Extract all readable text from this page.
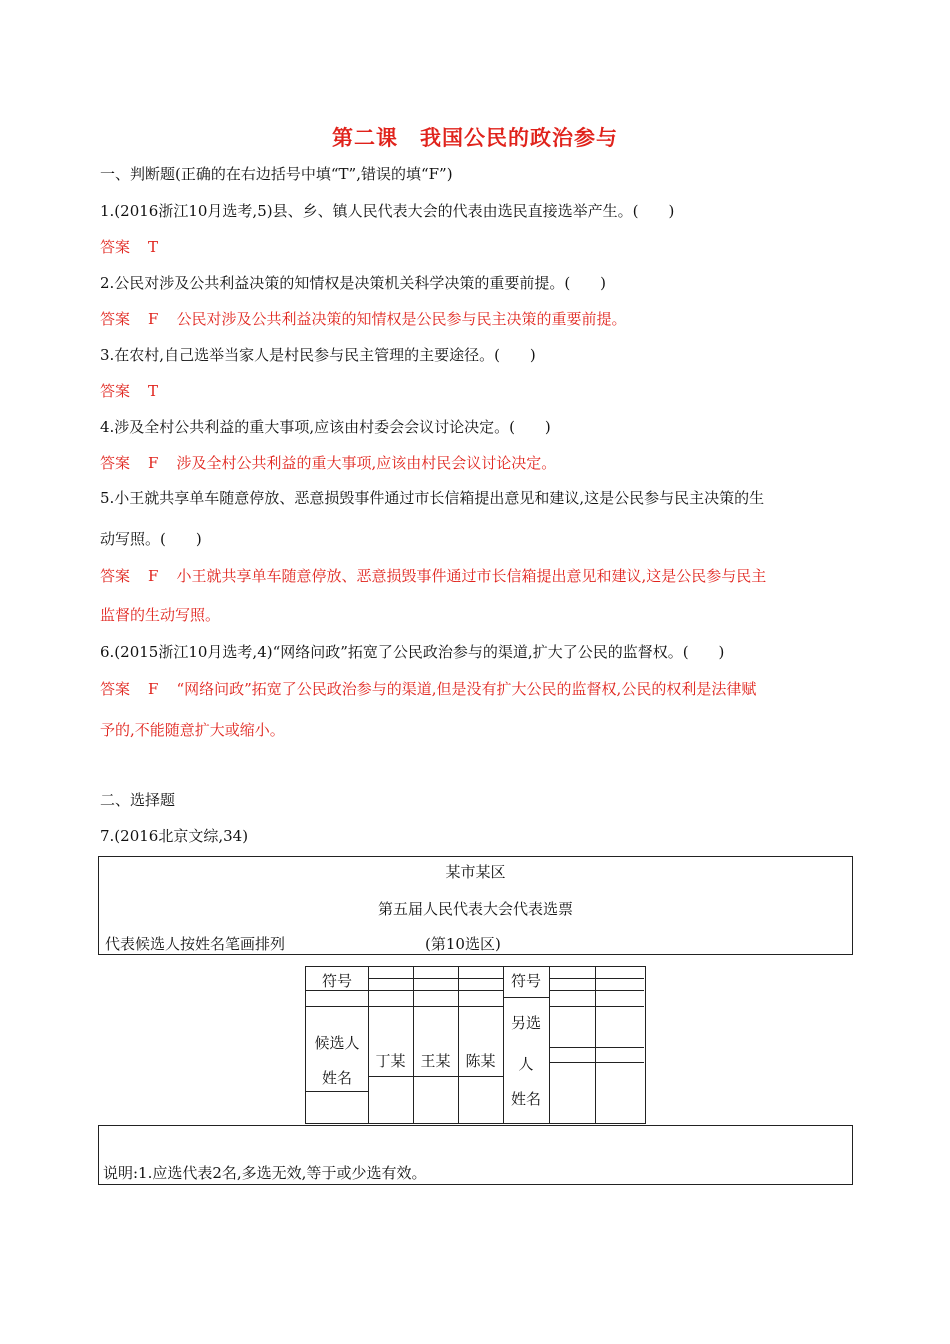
第二课　我国公民的政治参与
一、判断题(正确的在右边括号中填“T”,错误的填“F”)
1.(2016浙江10月选考,5)县、乡、镇人民代表大会的代表由选民直接选举产生。(　　)
答案 T
2.公民对涉及公共利益决策的知情权是决策机关科学决策的重要前提。(　　)
答案 F 公民对涉及公共利益决策的知情权是公民参与民主决策的重要前提。
3.在农村,自己选举当家人是村民参与民主管理的主要途径。(　　)
答案 T
4.涉及全村公共利益的重大事项,应该由村委会会议讨论决定。(　　)
答案 F 涉及全村公共利益的重大事项,应该由村民会议讨论决定。
5.小王就共享单车随意停放、恶意损毁事件通过市长信箱提出意见和建议,这是公民参与民主决策的生
动写照。(　　)
答案 F 小王就共享单车随意停放、恶意损毁事件通过市长信箱提出意见和建议,这是公民参与民主
监督的生动写照。
6.(2015浙江10月选考,4)“网络问政”拓宽了公民政治参与的渠道,扩大了公民的监督权。(　　)
答案 F “网络问政”拓宽了公民政治参与的渠道,但是没有扩大公民的监督权,公民的权利是法律赋
予的,不能随意扩大或缩小。
二、选择题
7.(2016北京文综,34)
某市某区
第五届人民代表大会代表选票
代表候选人按姓名笔画排列	(第10选区)
符号	符号
候选人
姓名
丁某 王某 陈某
另选
人
姓名
说明:1.应选代表2名,多选无效,等于或少选有效。
